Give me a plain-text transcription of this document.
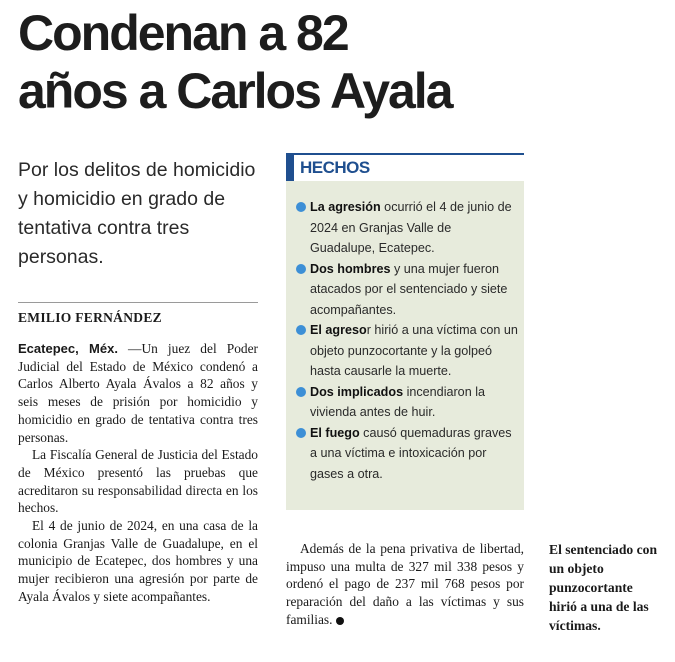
Condenan a 82
años a Carlos Ayala

Por los delitos de homicidio y homicidio en grado de tentativa contra tres personas.

EMILIO FERNÁNDEZ

Ecatepec, Méx. —Un juez del Poder Judicial del Estado de México condenó a Carlos Alberto Ayala Ávalos a 82 años y seis meses de prisión por homicidio y homicidio en grado de tentativa contra tres personas.

La Fiscalía General de Justicia del Estado de México presentó las pruebas que acreditaron su responsabilidad directa en los hechos.

El 4 de junio de 2024, en una casa de la colonia Granjas Valle de Guadalupe, en el municipio de Ecatepec, dos hombres y una mujer recibieron una agresión por parte de Ayala Ávalos y siete acompañantes.

HECHOS
La agresión ocurrió el 4 de junio de 2024 en Granjas Valle de Guadalupe, Ecatepec.
Dos hombres y una mujer fueron atacados por el sentenciado y siete acompañantes.
El agresor hirió a una víctima con un objeto punzocortante y la golpeó hasta causarle la muerte.
Dos implicados incendiaron la vivienda antes de huir.
El fuego causó quemaduras graves a una víctima e intoxicación por gases a otra.

Además de la pena privativa de libertad, impuso una multa de 327 mil 338 pesos y ordenó el pago de 237 mil 768 pesos por reparación del daño a las víctimas y sus familias.

El sentenciado con un objeto punzocortante hirió a una de las víctimas.
